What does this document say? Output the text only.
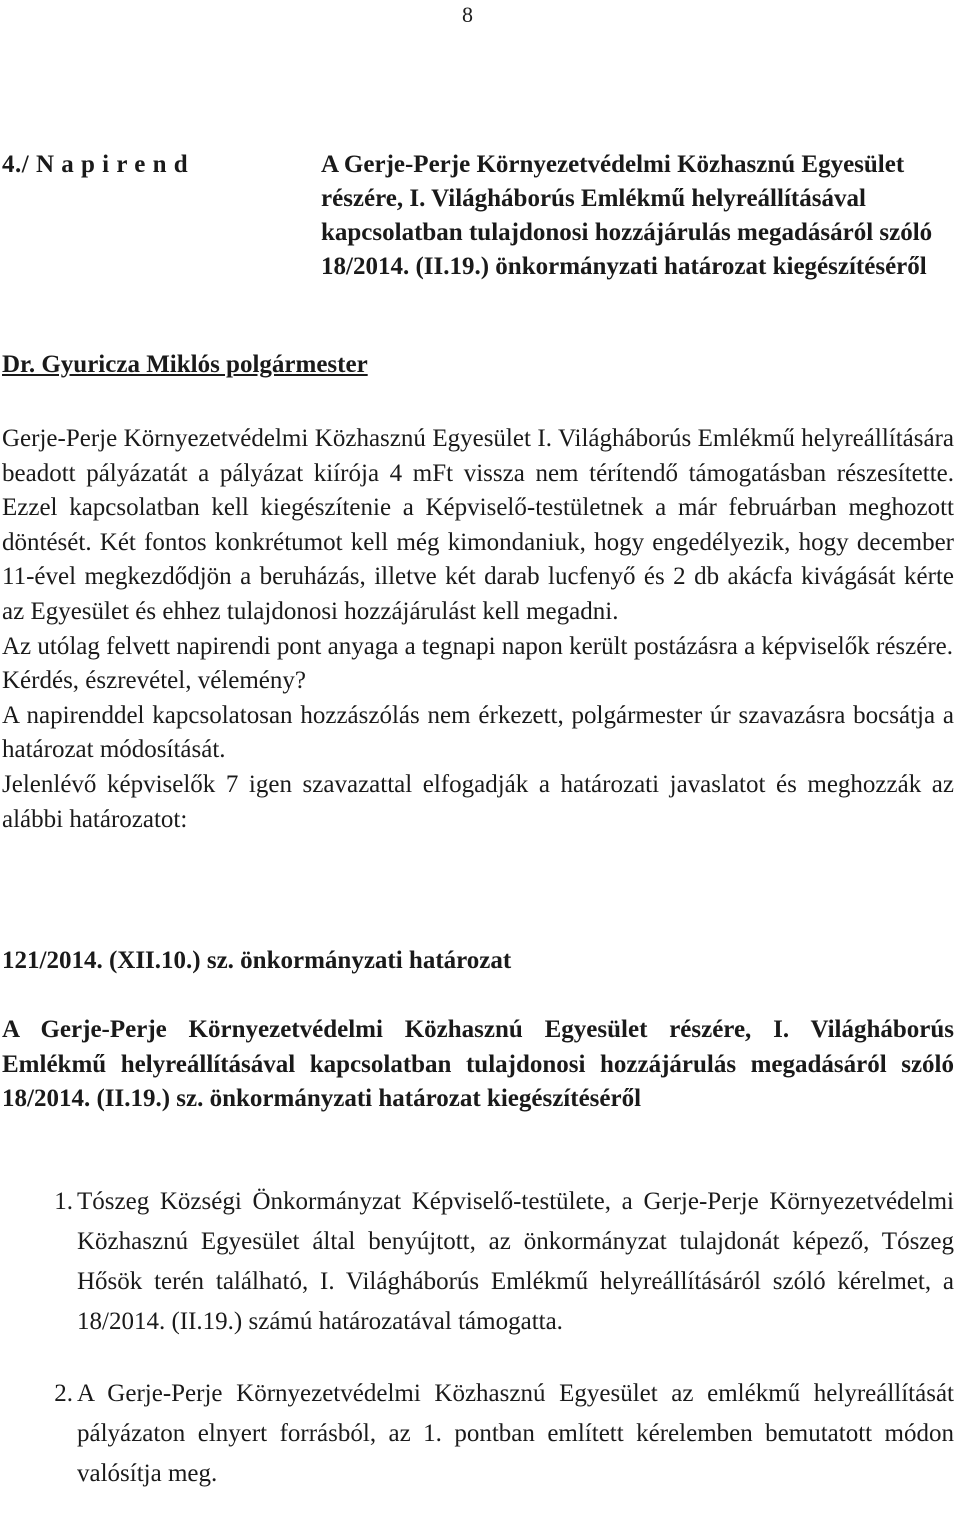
8
4./ N a p i r e n d	A Gerje-Perje Környezetvédelmi Közhasznú Egyesület részére, I. Világháborús Emlékmű helyreállításával kapcsolatban tulajdonosi hozzájárulás megadásáról szóló 18/2014. (II.19.) önkormányzati határozat kiegészítéséről
Dr. Gyuricza Miklós polgármester

Gerje-Perje Környezetvédelmi Közhasznú Egyesület I. Világháborús Emlékmű helyreállítására beadott pályázatát a pályázat kiírója 4 mFt vissza nem térítendő támogatásban részesítette. Ezzel kapcsolatban kell kiegészítenie a Képviselő-testületnek a már februárban meghozott döntését. Két fontos konkrétumot kell még kimondaniuk, hogy engedélyezik, hogy december 11-ével megkezdődjön a beruházás, illetve két darab lucfenyő és 2 db akácfa kivágását kérte az Egyesület és ehhez tulajdonosi hozzájárulást kell megadni.

Az utólag felvett napirendi pont anyaga a tegnapi napon került postázásra a képviselők részére.

Kérdés, észrevétel, vélemény?

A napirenddel kapcsolatosan hozzászólás nem érkezett, polgármester úr szavazásra bocsátja a határozat módosítását.

Jelenlévő képviselők 7 igen szavazattal elfogadják a határozati javaslatot és meghozzák az alábbi határozatot:

121/2014. (XII.10.) sz. önkormányzati határozat
A Gerje-Perje Környezetvédelmi Közhasznú Egyesület részére, I. Világháborús Emlékmű helyreállításával kapcsolatban tulajdonosi hozzájárulás megadásáról szóló 18/2014. (II.19.) sz. önkormányzati határozat kiegészítéséről
1. Tószeg Községi Önkormányzat Képviselő-testülete, a Gerje-Perje Környezetvédelmi Közhasznú Egyesület által benyújtott, az önkormányzat tulajdonát képező, Tószeg Hősök terén található, I. Világháborús Emlékmű helyreállításáról szóló kérelmet, a 18/2014. (II.19.) számú határozatával támogatta.
2. A Gerje-Perje Környezetvédelmi Közhasznú Egyesület az emlékmű helyreállítását pályázaton elnyert forrásból, az 1. pontban említett kérelemben bemutatott módon valósítja meg.
